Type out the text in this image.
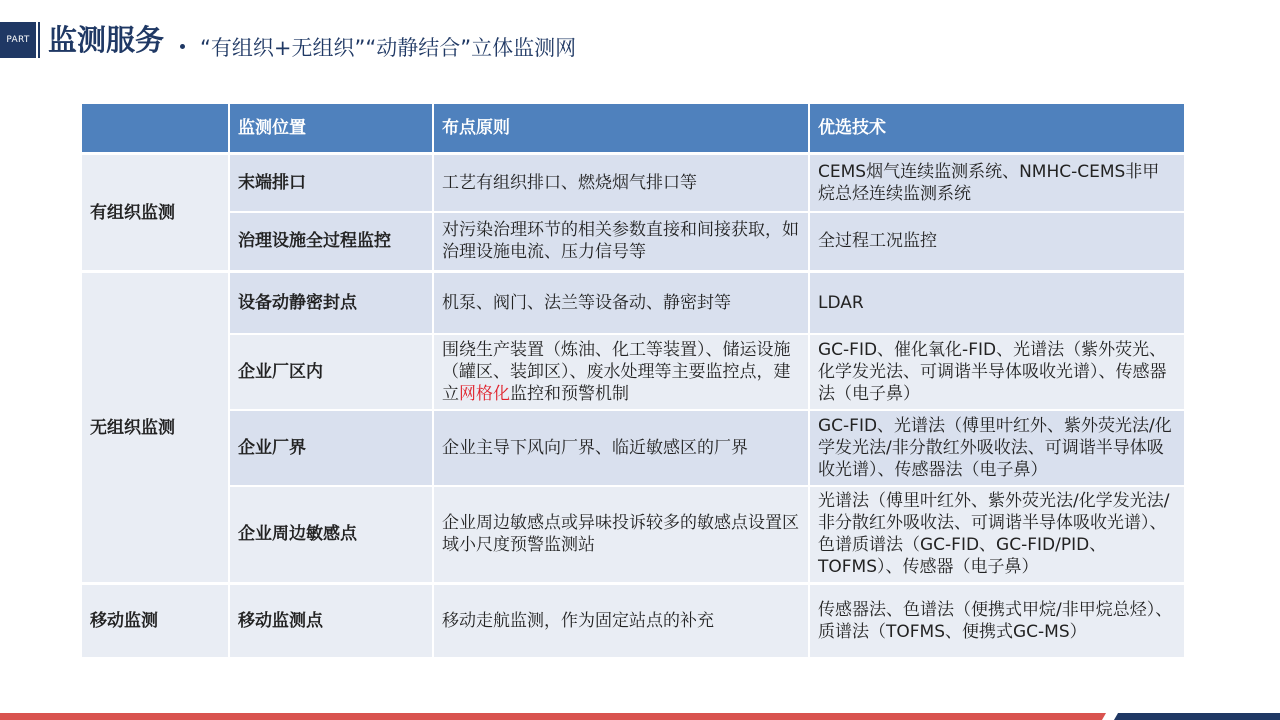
PART 监测服务 “有组织+无组织”“动静结合”立体监测网
	监测位置	布点原则	优选技术
有组织监测	末端排口	工艺有组织排口、燃烧烟气排口等	CEMS烟气连续监测系统、NMHC-CEMS非甲烷总烃连续监测系统
	治理设施全过程监控	对污染治理环节的相关参数直接和间接获取，如治理设施电流、压力信号等	全过程工况监控
无组织监测	设备动静密封点	机泵、阀门、法兰等设备动、静密封等	LDAR
	企业厂区内	围绕生产装置（炼油、化工等装置）、储运设施（罐区、装卸区）、废水处理等主要监控点，建立网格化监控和预警机制	GC-FID、催化氧化-FID、光谱法（紫外荧光、化学发光法、可调谐半导体吸收光谱）、传感器法（电子鼻）
	企业厂界	企业主导下风向厂界、临近敏感区的厂界	GC-FID、光谱法（傅里叶红外、紫外荧光法/化学发光法/非分散红外吸收法、可调谐半导体吸收光谱）、传感器法（电子鼻）
	企业周边敏感点	企业周边敏感点或异味投诉较多的敏感点设置区域小尺度预警监测站	光谱法（傅里叶红外、紫外荧光法/化学发光法/非分散红外吸收法、可调谐半导体吸收光谱）、色谱质谱法（GC-FID、GC-FID/PID、TOFMS）、传感器（电子鼻）
移动监测	移动监测点	移动走航监测，作为固定站点的补充	传感器法、色谱法（便携式甲烷/非甲烷总烃）、质谱法（TOFMS、便携式GC-MS）
